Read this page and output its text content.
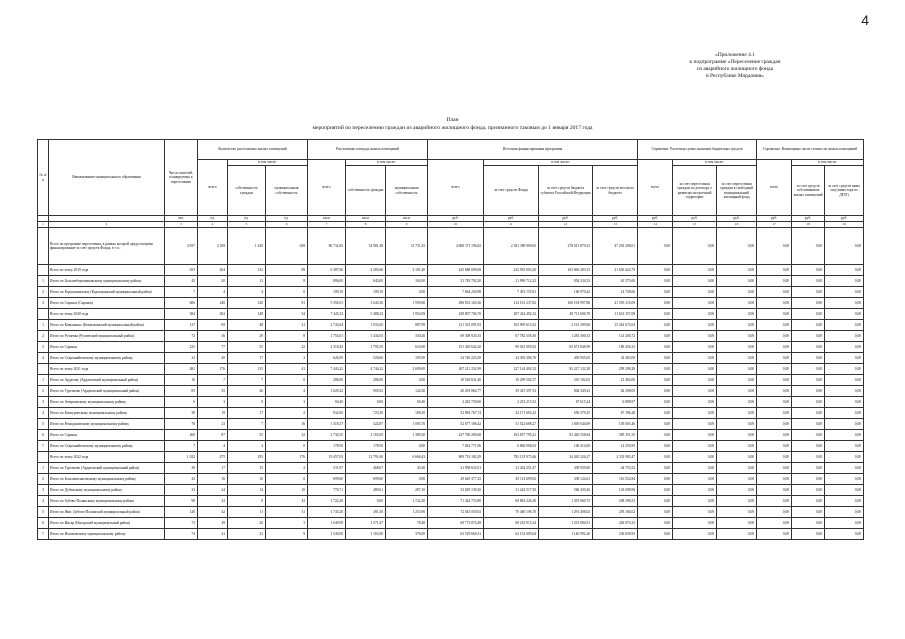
4
«Приложение 4.1
к подпрограмме «Переселение граждан
из аварийного жилищного фонда
в Республике Мордовия»
План
мероприятий по переселению граждан из аварийного жилищного фонда, признанного таковым до 1 января 2017 года
№ п/п	Наименование муниципального образования	Число жителей, планируемых к переселению	Количество расселяемых жилых помещений			Расселяемая площадь жилых помещений			Источник финансирования программы				Справочно: Расчетная сумма экономии бюджетных средств			Справочно: Возмещение части стоимости жилых помещений		
			всего	в том числе:		всего	в том числе:		всего	в том числе:			всего	в том числе:		всего	в том числе:	
				собственность граждан	муниципальная собственность		собственность граждан	муниципальная собственность		за счет средств Фонда	за счет средств бюджета субъекта Российской Федерации	за счет средств местного бюджета		за счет переселения граждан по договору о развитии застроенной территории	за счет переселения граждан в свободный муниципальный жилищный фонд		за счет средств собственников жилых помещений	за счет средств иных лиц (инвестора по ДРЗТ)
		чел.	ед.	ед.	ед.	кв.м	кв.м	кв.м	руб.	руб.	руб.	руб.	руб.	руб.	руб.	руб.	руб.	руб.
1	2	3	4	5	6	7	8	9	10	11	12	13	14	15	16	17	18	19
	Всего по программе переселения, в рамках которой предусмотрено финансирование за счет средств Фонда, в т.ч.:	4 937	2 169	1 430	639	86 732,83	54 981,48	31 751,35	4 068 371 196,82	2 381 389 909,65	278 615 879,23	47 292 208,01	0,00	0,00	0,00	0,00	0,00	0,00
	Всего по этапу 2019 года	653	264	132	89	6 387,06	4 285,66	2 101,40	425 688 009,69	232 935 003,20	165 066 283,53	21 636 424,79	0,00	0,00	0,00	0,00	0,00	0,00
1	Итого по Большеберезниковскому муниципальному району	45	20	12	8	806,00	643,00	163,00	31 749 792,20	21 990 712,22	854 334,52	61 575,60	0,00	0,00	0,00	0,00	0,00	0,00
2	Итого по Кадошкинскому (Кадошкинский муниципальный район)	7	4	4	0	199,10	199,10	0,00	7 664 250,98	7 491 155,91	166 970,42	14 738,66	0,00	0,00	0,00	0,00	0,00	0,00
3	Итого по Саранск (Саранск)	606	240	120	81	5 392,01	3 643,56	1 939,60	296 033 163,36	214 161 237,82	160 194 997,86	21 593 116,09	0,00	0,00	0,00	0,00	0,00	0,00
	Всего по этапу 2020 года	384	202	148	54	7 445,32	5 488,23	1 954,09	238 807 706,70	207 424 492,32	49 711 606,78	11 641 357,08	0,00	0,00	0,00	0,00	0,00	0,00
1	Итого по Ковылкино (Ковылкинский муниципальный район)	137	69	48	21	2 743,64	1 933,65	887,99	121 333 091,93	103 909 615,32	2 161 309,06	15 262 672,04	0,00	0,00	0,00	0,00	0,00	0,00
2	Итого по Рузаевка (Рузаевский муниципальный район)	72	36	29	8	1 754,01	1 434,03	330,20	69 308 920,35	67 782 356,30	1 283 360,33	141 200,72	0,00	0,00	0,00	0,00	0,00	0,00
3	Итого по Саранск	225	77	55	22	2 318,45	1 795,55	616,90	151 430 642,20	99 561 005,92	65 673 848,99	186 456,33	0,00	0,00	0,00	0,00	0,00	0,00
4	Итого по Старошайговскому муниципальному району	32	20	17	3	626,50	520,60	105,90	24 740 223,50	24 303 306,76	403 955,65	32 403,00	0,00	0,00	0,00	0,00	0,00	0,00
	Всего по этапу 2021 года	481	176	135	41	7 443,22	4 744,22	2 699,00	267 211 232,99	227 124 492,32	82 227 122,28	299 298,28	0,00	0,00	0,00	0,00	0,00	0,00
1	Итого по Ардатову (Ардатовский муниципальный район)	10	7	7	0	286,00	286,00	0,00	10 520 631,40	10 299 502,57	210 182,63	21 482,00	0,00	0,00	0,00	0,00	0,00	0,00
2	Итого по Тургенево (Ардатовский муниципальный район)	85	35	26	4	1 029,22	905,92	124,30	40 293 864,77	39 415 397,33	804 349,23	82 298,05	0,00	0,00	0,00	0,00	0,00	0,00
3	Итого по Атюрьевскому муниципальному району	6	3	0	3	60,40	0,00	60,40	2 263 739,60	2 233 215,33	67 615,24	6 898,97	0,00	0,00	0,00	0,00	0,00	0,00
4	Итого по Кочкуровскому муниципальному району	39	19	17	2	832,00	723,30	108,30	32 894 767,74	32 171 692,23	656 379,25	67 196,28	0,00	0,00	0,00	0,00	0,00	0,00
5	Итого по Ромодановскому муниципальному району	78	23	7	16	1 318,37	322,87	1 005,70	52 677 186,42	51 522 688,27	1 049 644,69	105 003,46	0,00	0,00	0,00	0,00	0,00	0,00
6	Итого по Саранск	260	87	55	32	2 734,55	2 165,05	1 389,30	237 760 280,68	163 837 795,21	92 420 558,84	585 351,55	0,00	0,00	0,00	0,00	0,00	0,00
7	Итого по Старошайговскому муниципальному району	7	4	4	0	178,50	178,50	0,00	7 024 771,96	6 860 006,92	140 414,06	14 250,95	0,00	0,00	0,00	0,00	0,00	0,00
	Всего по этапу 2022 года	1 022	475	293	176	19 457,03	12 791,60	6 666,43	809 733 182,29	782 133 975,46	34 265 226,27	2 333 983,47	0,00	0,00	0,00	0,00	0,00	0,00
1	Итого по Тургенево (Ардатовский муниципальный район)	39	17	15	2	511,97	468,67	43,30	21 958 652,01	21 434 251,47	439 959,06	44 753,52	0,00	0,00	0,00	0,00	0,00	0,00
2	Итого по Большеигнатовскому муниципальному району	43	16	16	0	699,60	699,60	0,00	29 649 377,25	29 114 699,92	338 124,61	116 552,84	0,00	0,00	0,00	0,00	0,00	0,00
3	Итого по Дубенскому муниципальному району	33	24	14	10	776,71	489,61	287,10	33 029 139,20	31 224 517,50	560 430,26	143 698,90	0,00	0,00	0,00	0,00	0,00	0,00
4	Итого по Зубово-Полянскому муниципальному району	98	43	0	43	1 722,20	0,00	1 722,20	71 424 753,80	69 863 226,30	1 353 960,75	208 396,53	0,00	0,00	0,00	0,00	0,00	0,00
5	Итого по Явас (Зубово-Полянский муниципальный район)	120	42	11	31	1 745,20	491,30	1 253,90	72 043 050,92	70 460 106,70	1 291 408,02	293 184,02	0,00	0,00	0,00	0,00	0,00	0,00
6	Итого по Инсар (Инсарский муниципальный район)	73	49	26	3	1 649,99	1 571,47	78,48	69 773 874,49	68 233 915,24	1 233 084,91	282 874,33	0,00	0,00	0,00	0,00	0,00	0,00
7	Итого по Ичалковскому муниципальному району	74	41	32	9	1 540,00	1 163,00	376,00	63 529 660,31	62 152 009,04	1 140 992,26	236 658,93	0,00	0,00	0,00	0,00	0,00	0,00
